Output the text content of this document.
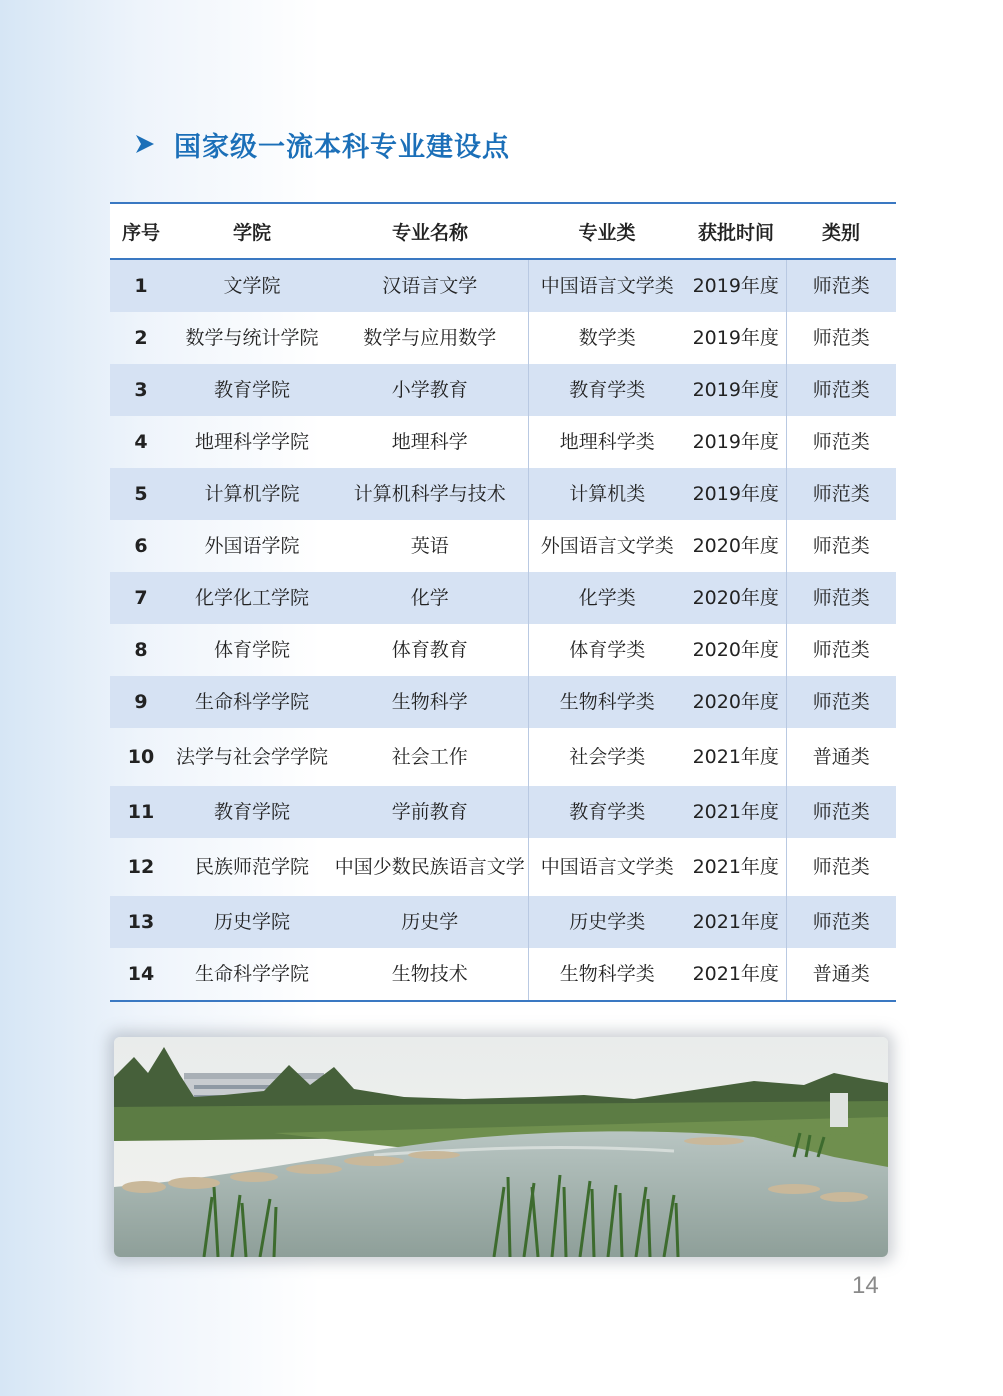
国家级一流本科专业建设点
序号	学院	专业名称	专业类	获批时间	类别
1	文学院	汉语言文学	中国语言文学类	2019年度	师范类
2	数学与统计学院	数学与应用数学	数学类	2019年度	师范类
3	教育学院	小学教育	教育学类	2019年度	师范类
4	地理科学学院	地理科学	地理科学类	2019年度	师范类
5	计算机学院	计算机科学与技术	计算机类	2019年度	师范类
6	外国语学院	英语	外国语言文学类	2020年度	师范类
7	化学化工学院	化学	化学类	2020年度	师范类
8	体育学院	体育教育	体育学类	2020年度	师范类
9	生命科学学院	生物科学	生物科学类	2020年度	师范类
10	法学与社会学学院	社会工作	社会学类	2021年度	普通类
11	教育学院	学前教育	教育学类	2021年度	师范类
12	民族师范学院	中国少数民族语言文学	中国语言文学类	2021年度	师范类
13	历史学院	历史学	历史学类	2021年度	师范类
14	生命科学学院	生物技术	生物科学类	2021年度	普通类
14
